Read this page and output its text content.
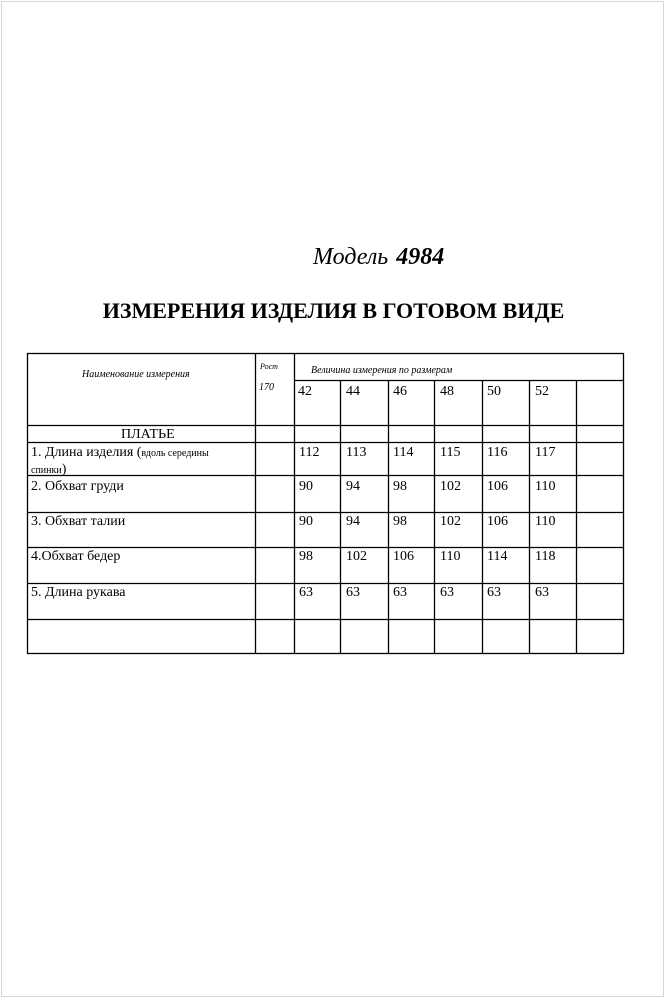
Модель 4984
ИЗМЕРЕНИЯ ИЗДЕЛИЯ В ГОТОВОМ ВИДЕ
Наименование измерения
Рост
170
Величина измерения по размерам
42 44 46 48 50 52
ПЛАТЬЕ
1. Длина изделия (вдоль середины
спинки)
112 113 114 115 116 117
2. Обхват груди	90 94 98 102 106 110
3. Обхват талии	90 94 98 102 106 110
4.Обхват бедер	98 102 106 110 114 118
5. Длина рукава	63 63 63 63 63 63
